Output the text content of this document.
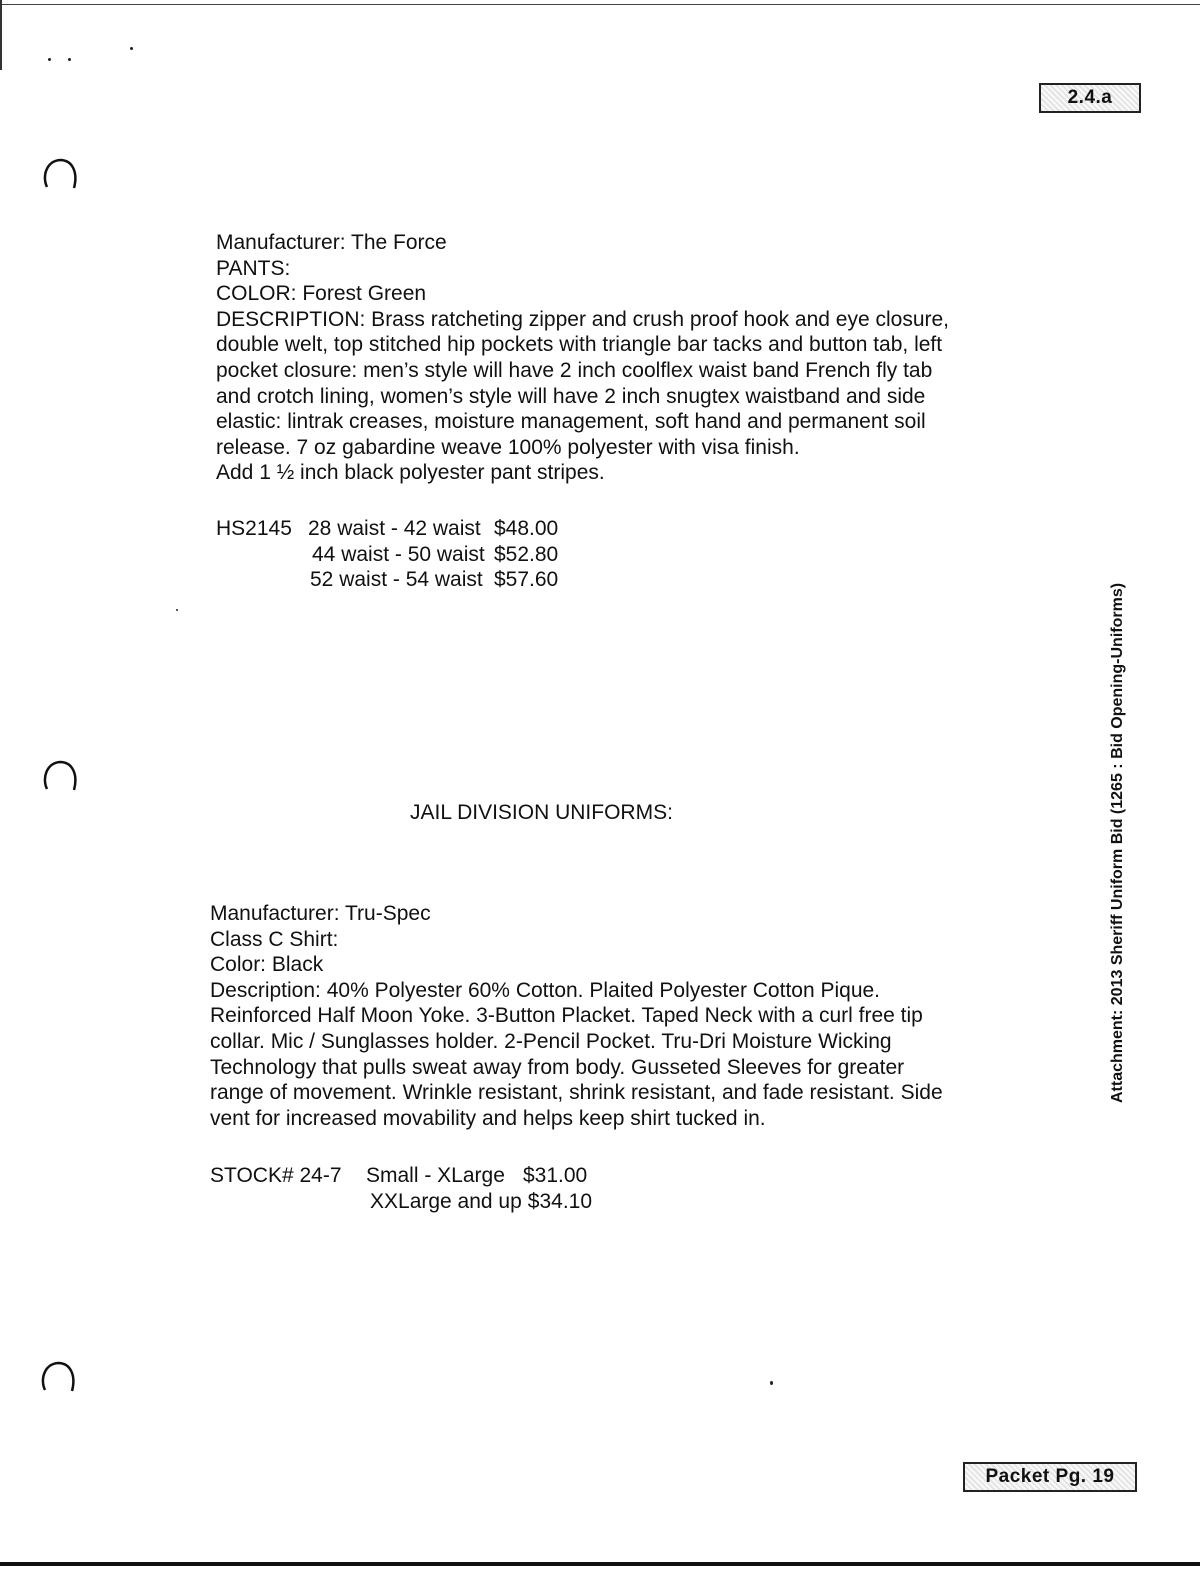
2.4.a
Manufacturer: The Force
PANTS:
COLOR: Forest Green
DESCRIPTION: Brass ratcheting zipper and crush proof hook and eye closure,
double welt, top stitched hip pockets with triangle bar tacks and button tab, left
pocket closure: men’s style will have 2 inch coolflex waist band French fly tab
and crotch lining, women’s style will have 2 inch snugtex waistband and side
elastic: lintrak creases, moisture management, soft hand and permanent soil
release. 7 oz gabardine weave 100% polyester with visa finish.
Add 1 ½ inch black polyester pant stripes.
HS2145 28 waist - 42 waist $48.00
44 waist - 50 waist $52.80
52 waist - 54 waist $57.60
JAIL DIVISION UNIFORMS:
Manufacturer: Tru-Spec
Class C Shirt:
Color: Black
Description: 40% Polyester 60% Cotton. Plaited Polyester Cotton Pique.
Reinforced Half Moon Yoke. 3-Button Placket. Taped Neck with a curl free tip
collar. Mic / Sunglasses holder. 2-Pencil Pocket. Tru-Dri Moisture Wicking
Technology that pulls sweat away from body. Gusseted Sleeves for greater
range of movement. Wrinkle resistant, shrink resistant, and fade resistant. Side
vent for increased movability and helps keep shirt tucked in.
STOCK# 24-7	Small - XLarge $31.00
XXLarge and up $34.10
Attachment: 2013 Sheriff Uniform Bid (1265 : Bid Opening-Uniforms)
Packet Pg. 19
